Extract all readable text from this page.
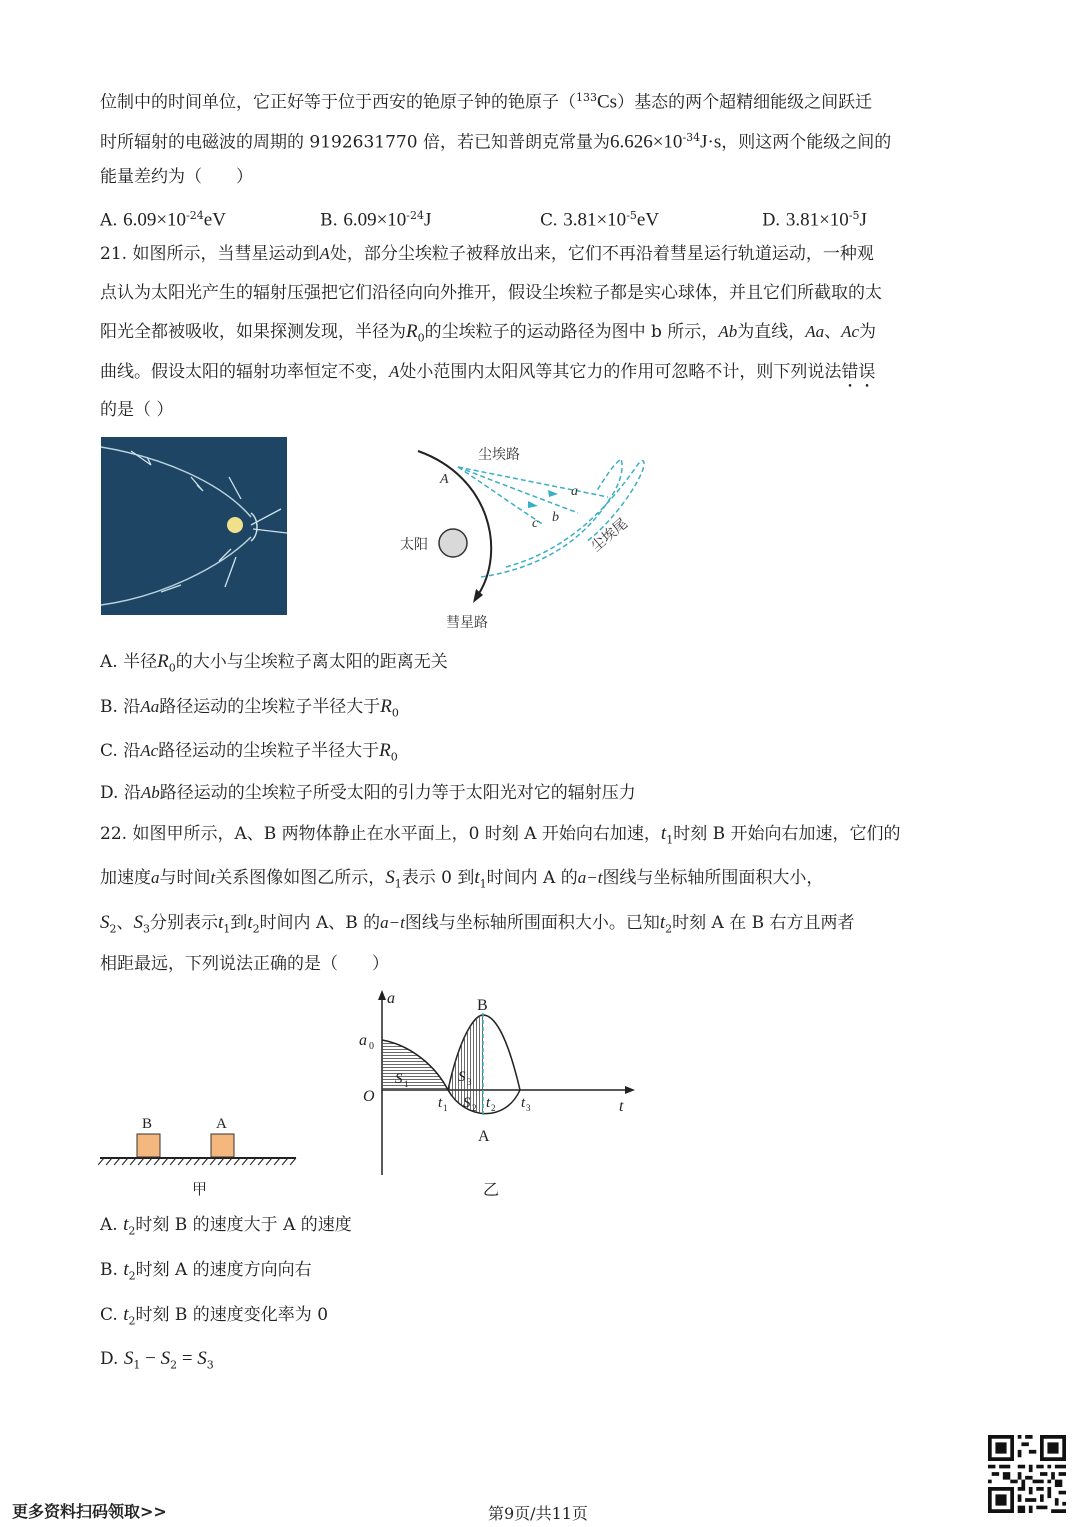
位制中的时间单位，它正好等于位于西安的铯原子钟的铯原子（$^{133}$Cs）基态的两个超精细能级之间跃迁
时所辐射的电磁波的周期的 9192631770 倍，若已知普朗克常量为$6.626\times 10^{-34}J\cdot s$，则这两个能级之间的
能量差约为（　　）
A. $6.09\times 10^{-24}eV$	B. $6.09\times 10^{-24}J$	C. $3.81\times 10^{-5}eV$	D. $3.81\times 10^{-5}J$
21. 如图所示，当彗星运动到A处，部分尘埃粒子被释放出来，它们不再沿着彗星运行轨道运动，一种观
点认为太阳光产生的辐射压强把它们沿径向向外推开，假设尘埃粒子都是实心球体，并且它们所截取的太
阳光全都被吸收，如果探测发现，半径为$R_0$的尘埃粒子的运动路径为图中 b 所示，Ab为直线，Aa、Ac为
曲线。假设太阳的辐射功率恒定不变，A处小范围内太阳风等其它力的作用可忽略不计，则下列说法错误
的是（ ）
尘埃路
A
太阳
彗星路
a
b
c	尘埃尾
A. 半径$R_0$的大小与尘埃粒子离太阳的距离无关
B. 沿Aa路径运动的尘埃粒子半径大于$R_0$
C. 沿Ac路径运动的尘埃粒子半径大于$R_0$
D. 沿Ab路径运动的尘埃粒子所受太阳的引力等于太阳光对它的辐射压力
22. 如图甲所示，A、B 两物体静止在水平面上，0 时刻 A 开始向右加速，$t_1$时刻 B 开始向右加速，它们的
加速度a与时间t关系图像如图乙所示，$S_1$表示 0 到$t_1$时间内 A 的a−t图线与坐标轴所围面积大小，
$S_2$、$S_3$分别表示$t_1$到$t_2$时间内 A、B 的a−t图线与坐标轴所围面积大小。已知$t_2$时刻 A 在 B 右方且两者
相距最远，下列说法正确的是（　　）
B	A
甲
a
a 0
O
t
B
A
S 1	S 3
S 2
t 1	t 2 t 3
乙
A. $t_2$时刻 B 的速度大于 A 的速度
B. $t_2$时刻 A 的速度方向向右
C. $t_2$时刻 B 的速度变化率为 0
D. $S_1 - S_2 = S_3$
更多资料扫码领取>>	第9页/共11页
